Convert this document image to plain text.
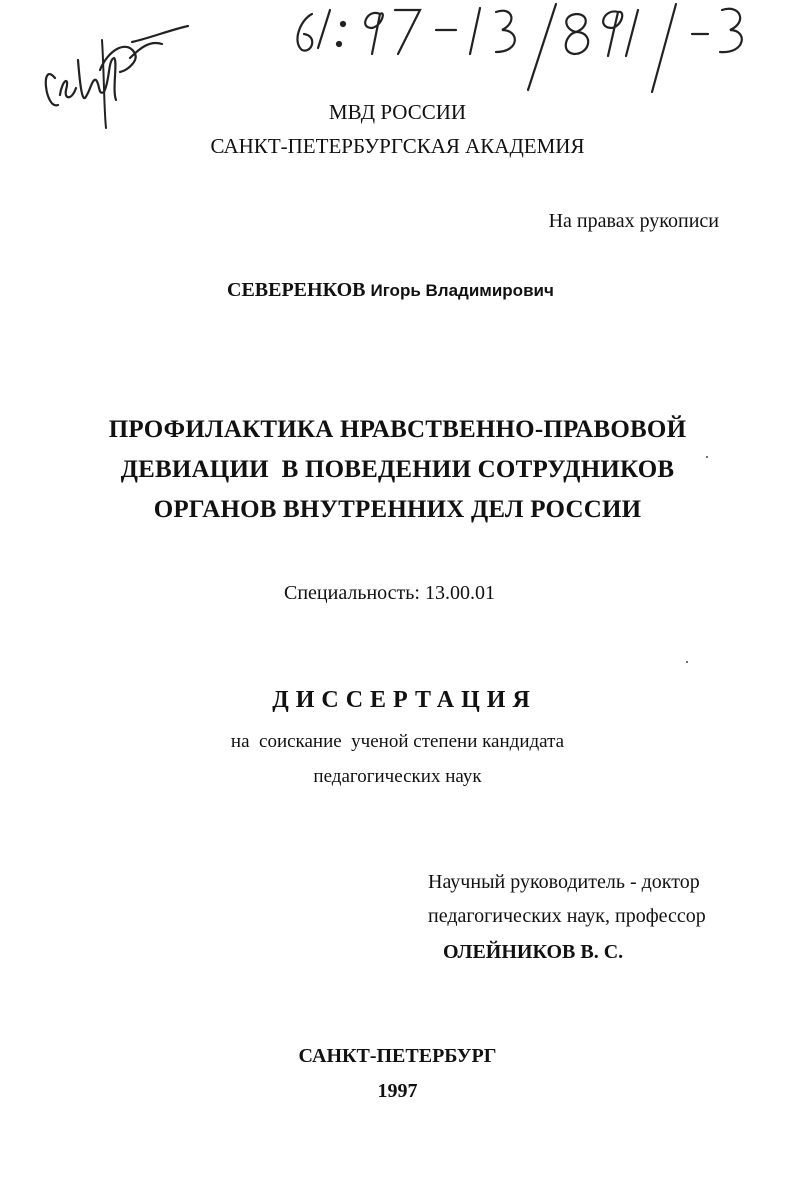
МВД РОССИИ
САНКТ-ПЕТЕРБУРГСКАЯ АКАДЕМИЯ
На правах рукописи
СЕВЕРЕНКОВ Игорь Владимирович
ПРОФИЛАКТИКА НРАВСТВЕННО-ПРАВОВОЙ
ДЕВИАЦИИ  В ПОВЕДЕНИИ СОТРУДНИКОВ
ОРГАНОВ ВНУТРЕННИХ ДЕЛ РОССИИ
Специальность: 13.00.01
ДИССЕРТАЦИЯ
на  соискание  ученой степени кандидата
педагогических наук
Научный руководитель - доктор
педагогических наук, профессор
ОЛЕЙНИКОВ В. С.
САНКТ-ПЕТЕРБУРГ
1997
